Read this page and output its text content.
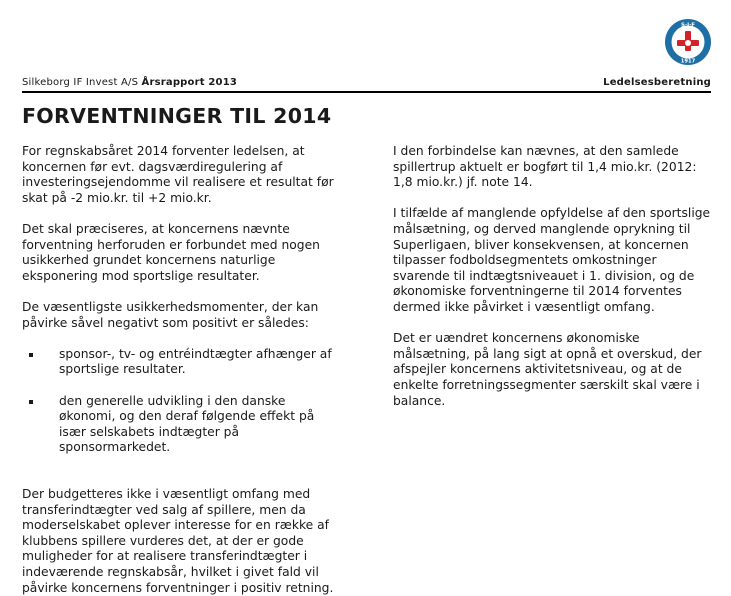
S·I·F
1917
Silkeborg IF Invest A/S Årsrapport 2013	Ledelsesberetning
FORVENTNINGER TIL 2014

For regnskabsåret 2014 forventer ledelsen, at koncernen før evt. dagsværdiregulering af investeringsejendomme vil realisere et resultat før skat på -2 mio.kr. til +2 mio.kr.

Det skal præciseres, at koncernens nævnte forventning herforuden er forbundet med nogen usikkerhed grundet koncernens naturlige eksponering mod sportslige resultater.

De væsentligste usikkerhedsmomenter, der kan påvirke såvel negativt som positivt er således:

sponsor-, tv- og entréindtægter afhænger af sportslige resultater.
den generelle udvikling i den danske økonomi, og den deraf følgende effekt på især selskabets indtægter på sponsormarkedet.

Der budgetteres ikke i væsentligt omfang med transferindtægter ved salg af spillere, men da moderselskabet oplever interesse for en række af klubbens spillere vurderes det, at der er gode muligheder for at realisere transferindtægter i indeværende regnskabsår, hvilket i givet fald vil påvirke koncernens forventninger i positiv retning.

I den forbindelse kan nævnes, at den samlede spillertrup aktuelt er bogført til 1,4 mio.kr. (2012: 1,8 mio.kr.) jf. note 14.

I tilfælde af manglende opfyldelse af den sportslige målsætning, og derved manglende oprykning til Superligaen, bliver konsekvensen, at koncernen tilpasser fodboldsegmentets omkostninger svarende til indtægtsniveauet i 1. division, og de økonomiske forventningerne til 2014 forventes dermed ikke påvirket i væsentligt omfang.

Det er uændret koncernens økonomiske målsætning, på lang sigt at opnå et overskud, der afspejler koncernens aktivitetsniveau, og at de enkelte forretningssegmenter særskilt skal være i balance.
